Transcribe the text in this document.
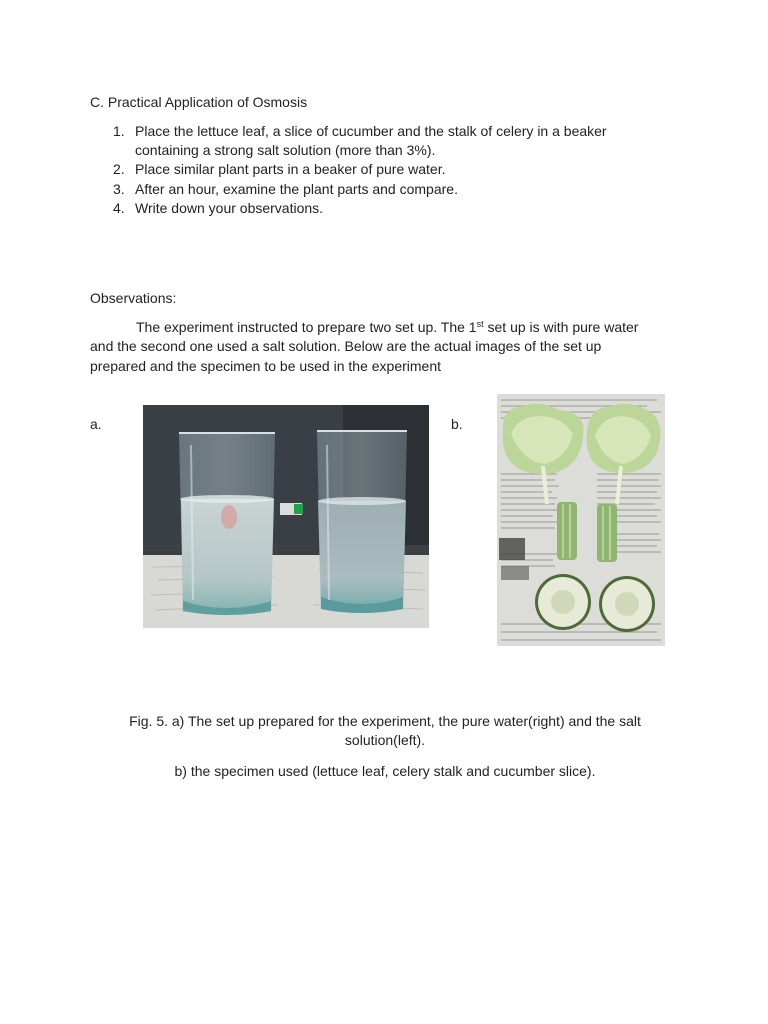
C. Practical Application of Osmosis
1. Place the lettuce leaf, a slice of cucumber and the stalk of celery in a beaker
containing a strong salt solution (more than 3%).
2. Place similar plant parts in a beaker of pure water.
3. After an hour, examine the plant parts and compare.
4. Write down your observations.
Observations:
The experiment instructed to prepare two set up. The 1st set up is with pure water
and the second one used a salt solution. Below are the actual images of the set up
prepared and the specimen to be used in the experiment
a.	b.
Fig. 5. a) The set up prepared for the experiment, the pure water(right) and the salt
solution(left).
b) the specimen used (lettuce leaf, celery stalk and cucumber slice).
